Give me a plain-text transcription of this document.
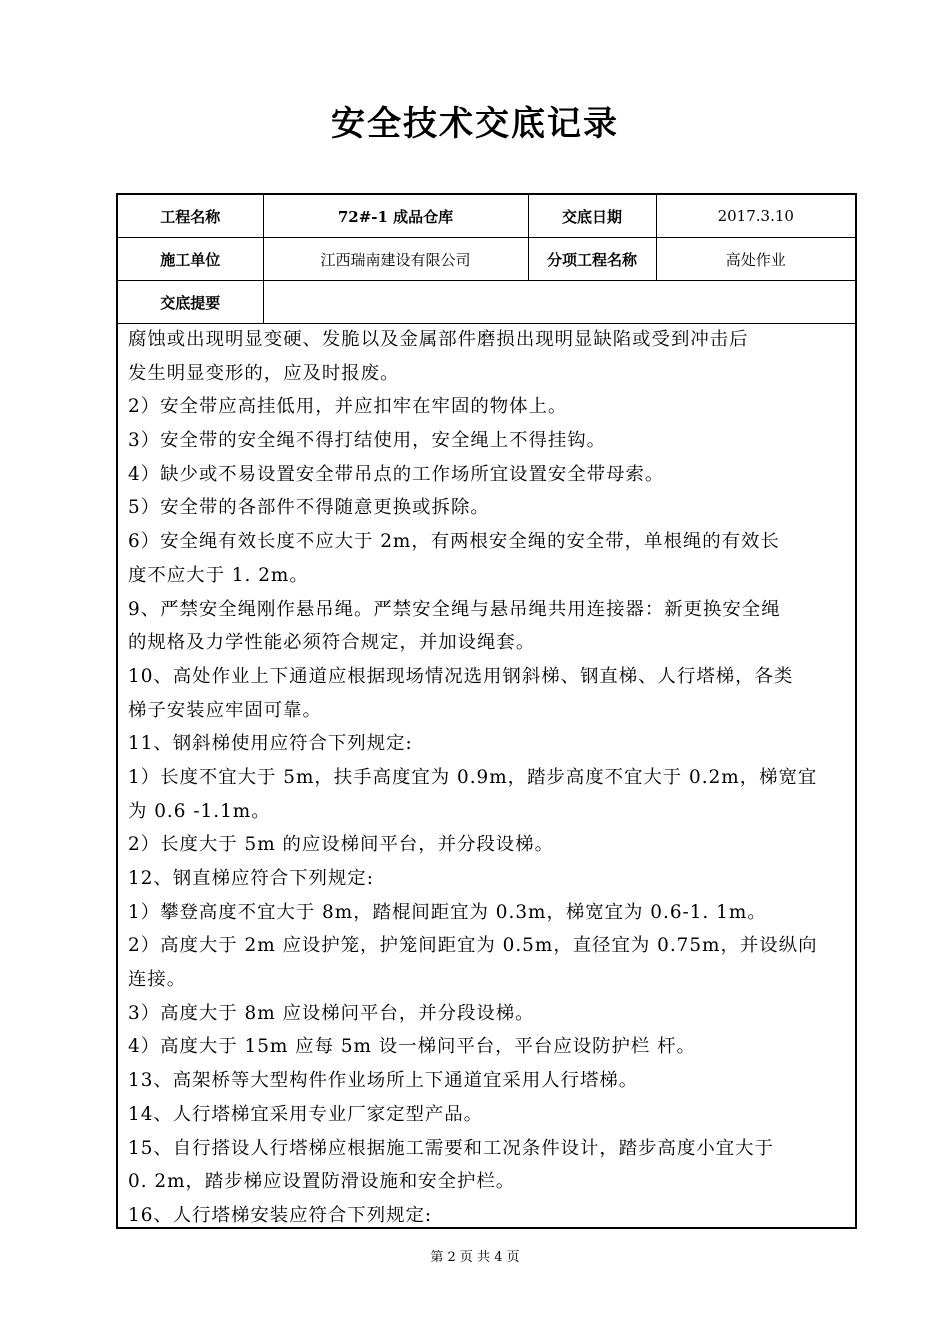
安全技术交底记录
工程名称	72#-1 成品仓库	交底日期	2017.3.10
施工单位	江西瑞南建设有限公司	分项工程名称	高处作业
交底提要			
腐蚀或出现明显变硬、发脆以及金属部件磨损出现明显缺陷或受到冲击后
发生明显变形的，应及时报废。
2）安全带应高挂低用，并应扣牢在牢固的物体上。
3）安全带的安全绳不得打结使用，安全绳上不得挂钩。
4）缺少或不易设置安全带吊点的工作场所宜设置安全带母索。
5）安全带的各部件不得随意更换或拆除。
6）安全绳有效长度不应大于 2m，有两根安全绳的安全带，单根绳的有效长
度不应大于 1. 2m。
9、严禁安全绳刚作悬吊绳。严禁安全绳与悬吊绳共用连接器：新更换安全绳
的规格及力学性能必须符合规定，并加设绳套。
10、高处作业上下通道应根据现场情况选用钢斜梯、钢直梯、人行塔梯，各类
梯子安装应牢固可靠。
11、钢斜梯使用应符合下列规定:
1）长度不宜大于 5m，扶手高度宜为 0.9m，踏步高度不宜大于 0.2m，梯宽宜
为 0.6 -1.1m。
2）长度大于 5m 的应设梯间平台，并分段设梯。
12、钢直梯应符合下列规定:
1）攀登高度不宜大于 8m，踏棍间距宜为 0.3m，梯宽宜为 0.6-1. 1m。
2）高度大于 2m 应设护笼，护笼间距宜为 0.5m，直径宜为 0.75m，并设纵向
连接。
3）高度大于 8m 应设梯问平台，并分段设梯。
4）高度大于 15m 应每 5m 设一梯问平台，平台应设防护栏 杆。
13、高架桥等大型构件作业场所上下通道宜采用人行塔梯。
14、人行塔梯宜采用专业厂家定型产品。
15、自行搭设人行塔梯应根据施工需要和工况条件设计，踏步高度小宜大于
0. 2m，踏步梯应设置防滑设施和安全护栏。
16、人行塔梯安装应符合下列规定:
第 2 页 共 4 页
